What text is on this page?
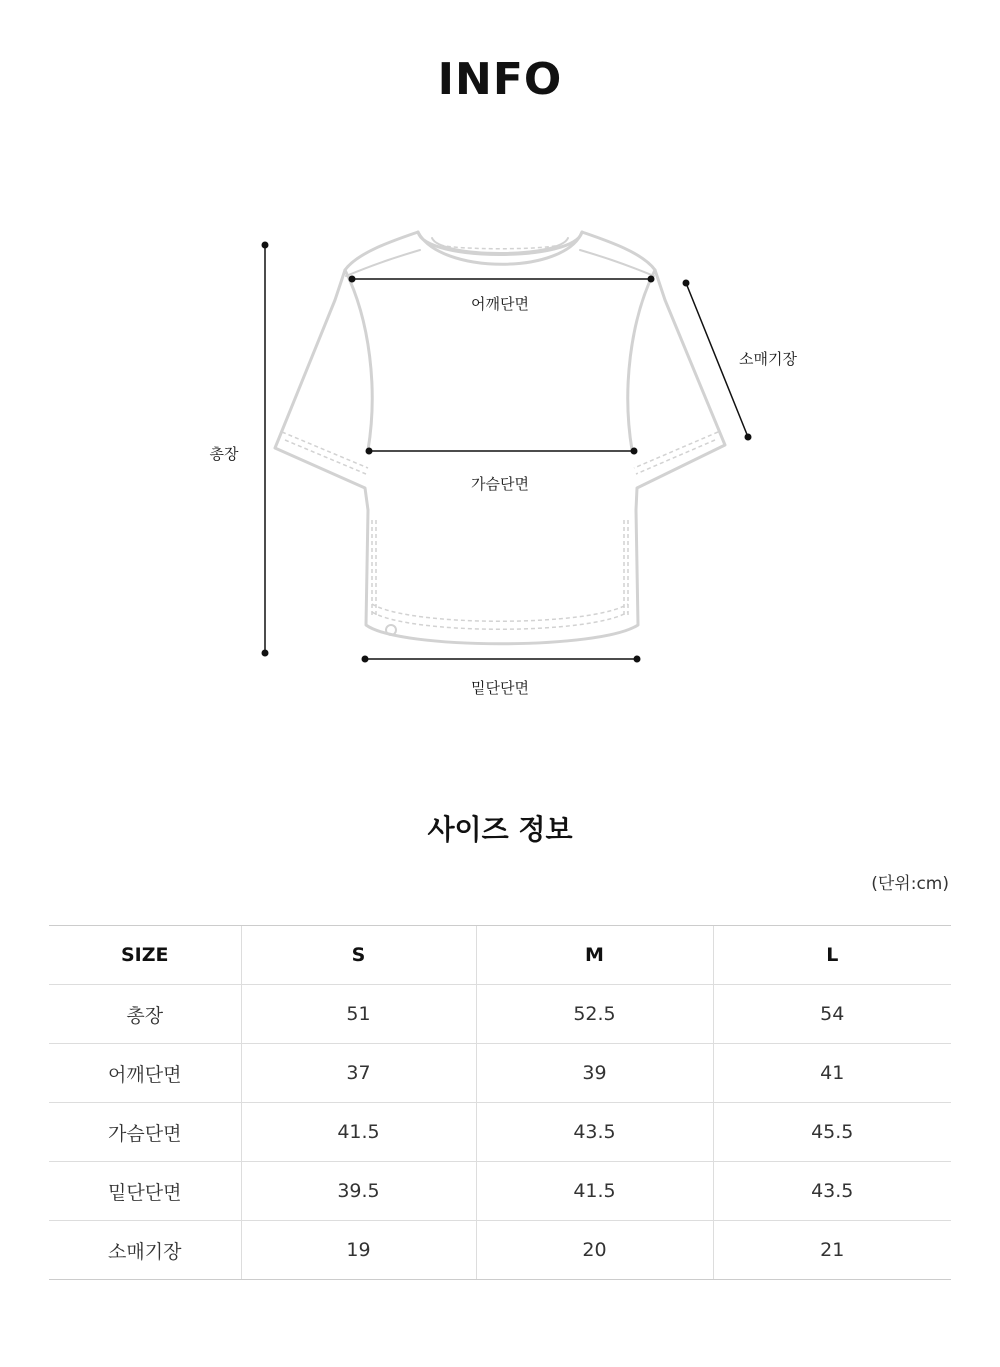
INFO
총장
어깨단면
소매기장
가슴단면
밑단단면
사이즈 정보
(단위:cm)
SIZE	S	M	L
총장	51	52.5	54
어깨단면	37	39	41
가슴단면	41.5	43.5	45.5
밑단단면	39.5	41.5	43.5
소매기장	19	20	21
